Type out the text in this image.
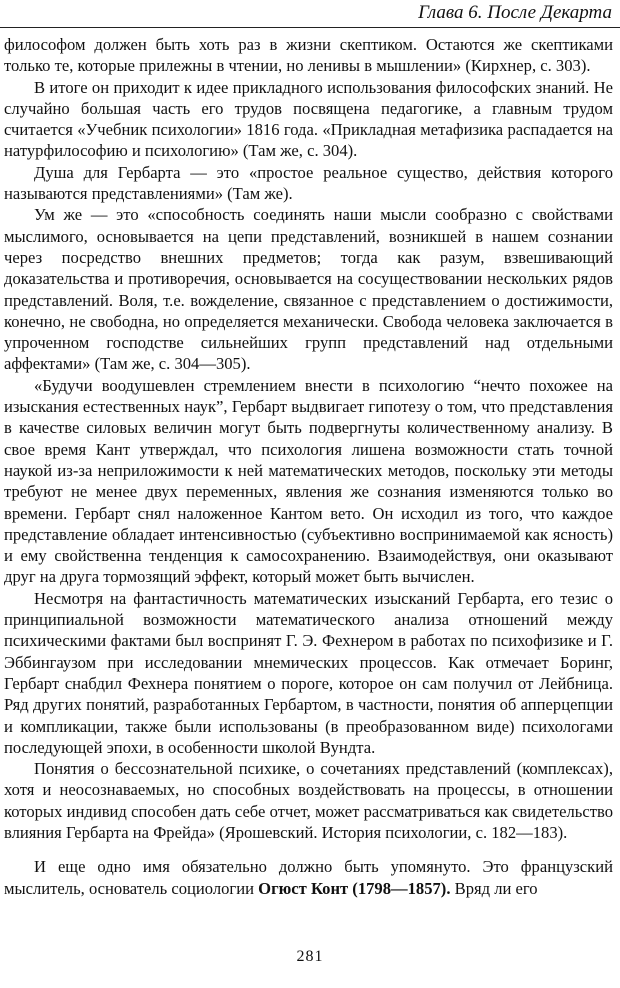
Глава 6. После Декарта

философом должен быть хоть раз в жизни скептиком. Остаются же скептиками только те, которые прилежны в чтении, но ленивы в мышлении» (Кирхнер, с. 303).

В итоге он приходит к идее прикладного использования философских знаний. Не случайно большая часть его трудов посвящена педагогике, а главным трудом считается «Учебник психологии» 1816 года. «Прикладная метафизика распадается на натурфилософию и психологию» (Там же, с. 304).

Душа для Гербарта — это «простое реальное существо, действия которого называются представлениями» (Там же).

Ум же — это «способность соединять наши мысли сообразно с свойствами мыслимого, основывается на цепи представлений, возникшей в нашем сознании через посредство внешних предметов; тогда как разум, взвешивающий доказательства и противоречия, основывается на сосуществовании нескольких рядов представлений. Воля, т.е. вожделение, связанное с представлением о достижимости, конечно, не свободна, но определяется механически. Свобода человека заключается в упроченном господстве сильнейших групп представлений над отдельными аффектами» (Там же, с. 304—305).

«Будучи воодушевлен стремлением внести в психологию “нечто похожее на изыскания естественных наук”, Гербарт выдвигает гипотезу о том, что представления в качестве силовых величин могут быть подвергнуты количественному анализу. В свое время Кант утверждал, что психология лишена возможности стать точной наукой из-за неприложимости к ней математических методов, поскольку эти методы требуют не менее двух переменных, явления же сознания изменяются только во времени. Гербарт снял наложенное Кантом вето. Он исходил из того, что каждое представление обладает интенсивностью (субъективно воспринимаемой как ясность) и ему свойственна тенденция к самосохранению. Взаимодействуя, они оказывают друг на друга тормозящий эффект, который может быть вычислен.

Несмотря на фантастичность математических изысканий Гербарта, его тезис о принципиальной возможности математического анализа отношений между психическими фактами был воспринят Г. Э. Фехнером в работах по психофизике и Г. Эббингаузом при исследовании мнемических процессов. Как отмечает Боринг, Гербарт снабдил Фехнера понятием о пороге, которое он сам получил от Лейбница. Ряд других понятий, разработанных Гербартом, в частности, понятия об апперцепции и компликации, также были использованы (в преобразованном виде) психологами последующей эпохи, в особенности школой Вундта.

Понятия о бессознательной психике, о сочетаниях представлений (комплексах), хотя и неосознаваемых, но способных воздействовать на процессы, в отношении которых индивид способен дать себе отчет, может рассматриваться как свидетельство влияния Гербарта на Фрейда» (Ярошевский. История психологии, с. 182—183).

И еще одно имя обязательно должно быть упомянуто. Это французский мыслитель, основатель социологии Огюст Конт (1798—1857). Вряд ли его

281
